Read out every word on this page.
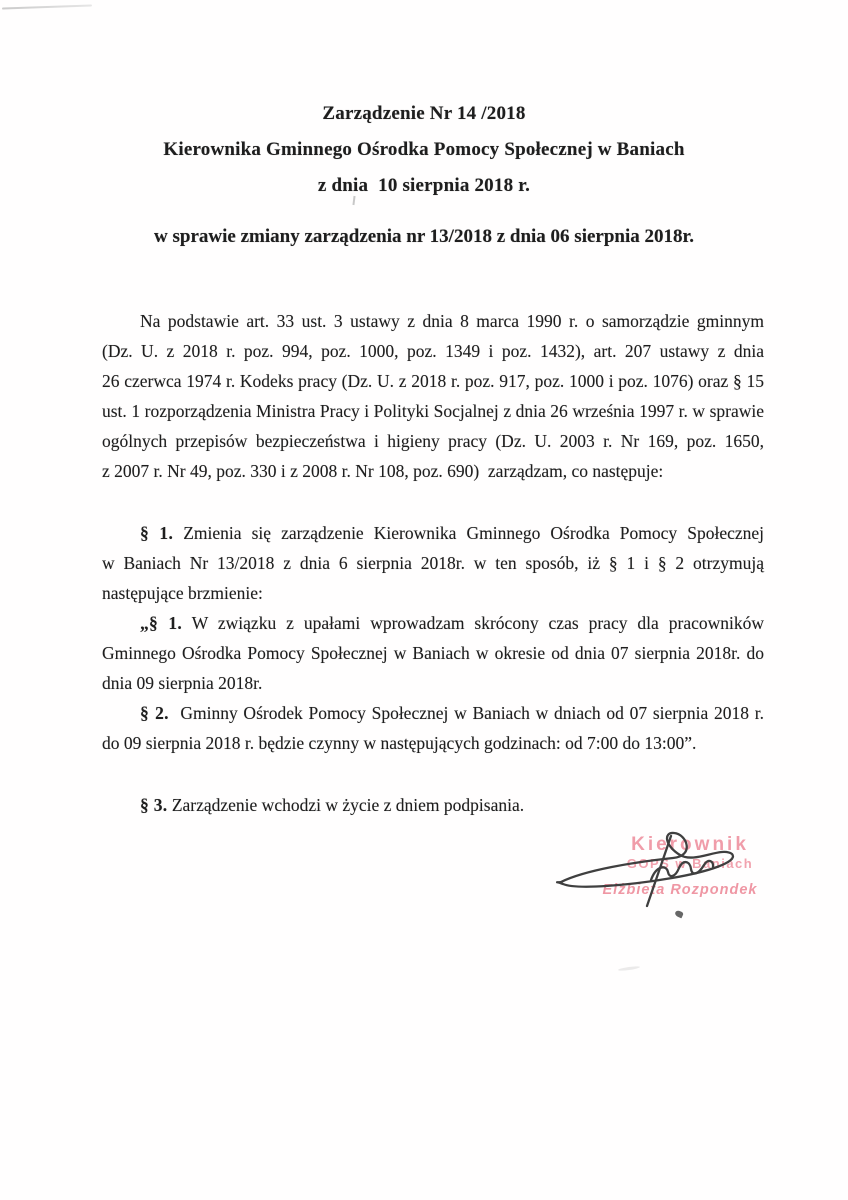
Zarządzenie Nr 14 /2018
Kierownika Gminnego Ośrodka Pomocy Społecznej w Baniach
z dnia  10 sierpnia 2018 r.
w sprawie zmiany zarządzenia nr 13/2018 z dnia 06 sierpnia 2018r.
Na podstawie art. 33 ust. 3 ustawy z dnia 8 marca 1990 r. o samorządzie gminnym
(Dz. U. z 2018 r. poz. 994, poz. 1000, poz. 1349 i poz. 1432), art. 207 ustawy z dnia
26 czerwca 1974 r. Kodeks pracy (Dz. U. z 2018 r. poz. 917, poz. 1000 i poz. 1076) oraz § 15
ust. 1 rozporządzenia Ministra Pracy i Polityki Socjalnej z dnia 26 września 1997 r. w sprawie
ogólnych przepisów bezpieczeństwa i higieny pracy (Dz. U. 2003 r. Nr 169, poz. 1650,
z 2007 r. Nr 49, poz. 330 i z 2008 r. Nr 108, poz. 690)  zarządzam, co następuje:
§ 1. Zmienia się zarządzenie Kierownika Gminnego Ośrodka Pomocy Społecznej
w Baniach Nr 13/2018 z dnia 6 sierpnia 2018r. w ten sposób, iż § 1 i § 2 otrzymują
następujące brzmienie:
„§ 1. W związku z upałami wprowadzam skrócony czas pracy dla pracowników
Gminnego Ośrodka Pomocy Społecznej w Baniach w okresie od dnia 07 sierpnia 2018r. do
dnia 09 sierpnia 2018r.
§ 2.  Gminny Ośrodek Pomocy Społecznej w Baniach w dniach od 07 sierpnia 2018 r.
do 09 sierpnia 2018 r. będzie czynny w następujących godzinach: od 7:00 do 13:00”.
§ 3. Zarządzenie wchodzi w życie z dniem podpisania.
Kierownik
GOPS w Baniach
Elżbieta Rozpondek
